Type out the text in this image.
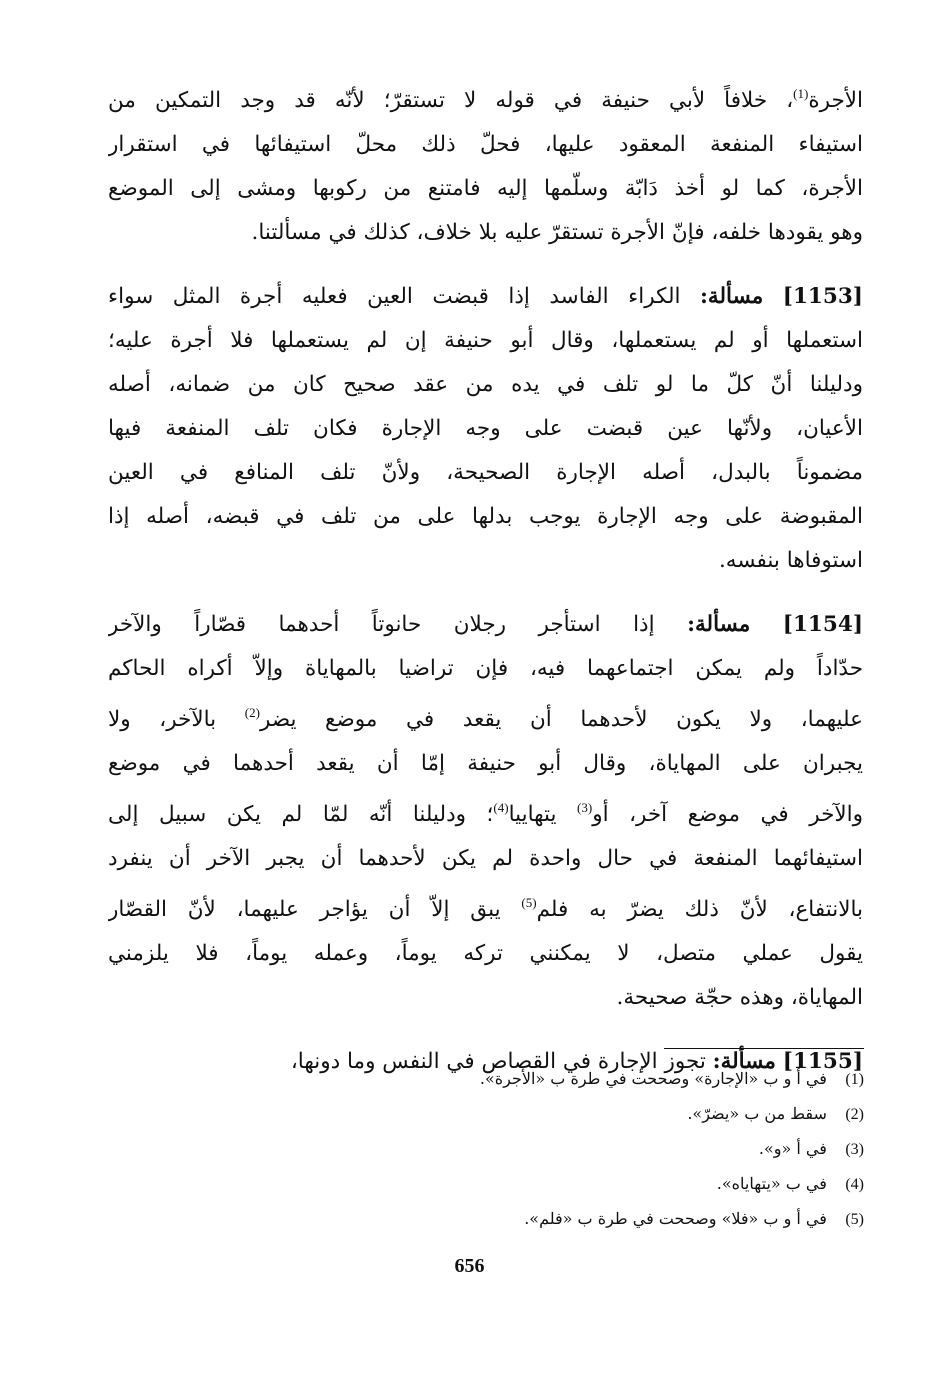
الأجرة$^{(1)}$، خلافاً لأبي حنيفة في قوله لا تستقرّ؛ لأنّه قد وجد التمكين من
استيفاء المنفعة المعقود عليها، فحلّ ذلك محلّ استيفائها في استقرار
الأجرة، كما لو أخذ دَابّة وسلّمها إليه فامتنع من ركوبها ومشى إلى الموضع
وهو يقودها خلفه، فإنّ الأجرة تستقرّ عليه بلا خلاف، كذلك في مسألتنا.

[1153] مسألة: الكراء الفاسد إذا قبضت العين فعليه أجرة المثل سواء
استعملها أو لم يستعملها، وقال أبو حنيفة إن لم يستعملها فلا أجرة عليه؛
ودليلنا أنّ كلّ ما لو تلف في يده من عقد صحيح كان من ضمانه، أصله
الأعيان، ولأنّها عين قبضت على وجه الإجارة فكان تلف المنفعة فيها
مضموناً بالبدل، أصله الإجارة الصحيحة، ولأنّ تلف المنافع في العين
المقبوضة على وجه الإجارة يوجب بدلها على من تلف في قبضه، أصله إذا
استوفاها بنفسه.

[1154] مسألة: إذا استأجر رجلان حانوتاً أحدهما قصّاراً والآخر
حدّاداً ولم يمكن اجتماعهما فيه، فإن تراضيا بالمهاياة وإلاّ أكراه الحاكم
عليهما، ولا يكون لأحدهما أن يقعد في موضع يضر$^{(2)}$ بالآخر، ولا
يجبران على المهاياة، وقال أبو حنيفة إمّا أن يقعد أحدهما في موضع
والآخر في موضع آخر، أو$^{(3)}$ يتهاييا$^{(4)}$؛ ودليلنا أنّه لمّا لم يكن سبيل إلى
استيفائهما المنفعة في حال واحدة لم يكن لأحدهما أن يجبر الآخر أن ينفرد
بالانتفاع، لأنّ ذلك يضرّ به فلم$^{(5)}$ يبق إلاّ أن يؤاجر عليهما، لأنّ القصّار
يقول عملي متصل، لا يمكنني تركه يوماً، وعمله يوماً، فلا يلزمني
المهاياة، وهذه حجّة صحيحة.

[1155] مسألة: تجوز الإجارة في القصاص في النفس وما دونها،

(1) في أ و ب «الإجارة» وصححت في طرة ب «الأجرة».
(2) سقط من ب «يضرّ».
(3) في أ «و».
(4) في ب «يتهاياه».
(5) في أ و ب «فلا» وصححت في طرة ب «فلم».
656
